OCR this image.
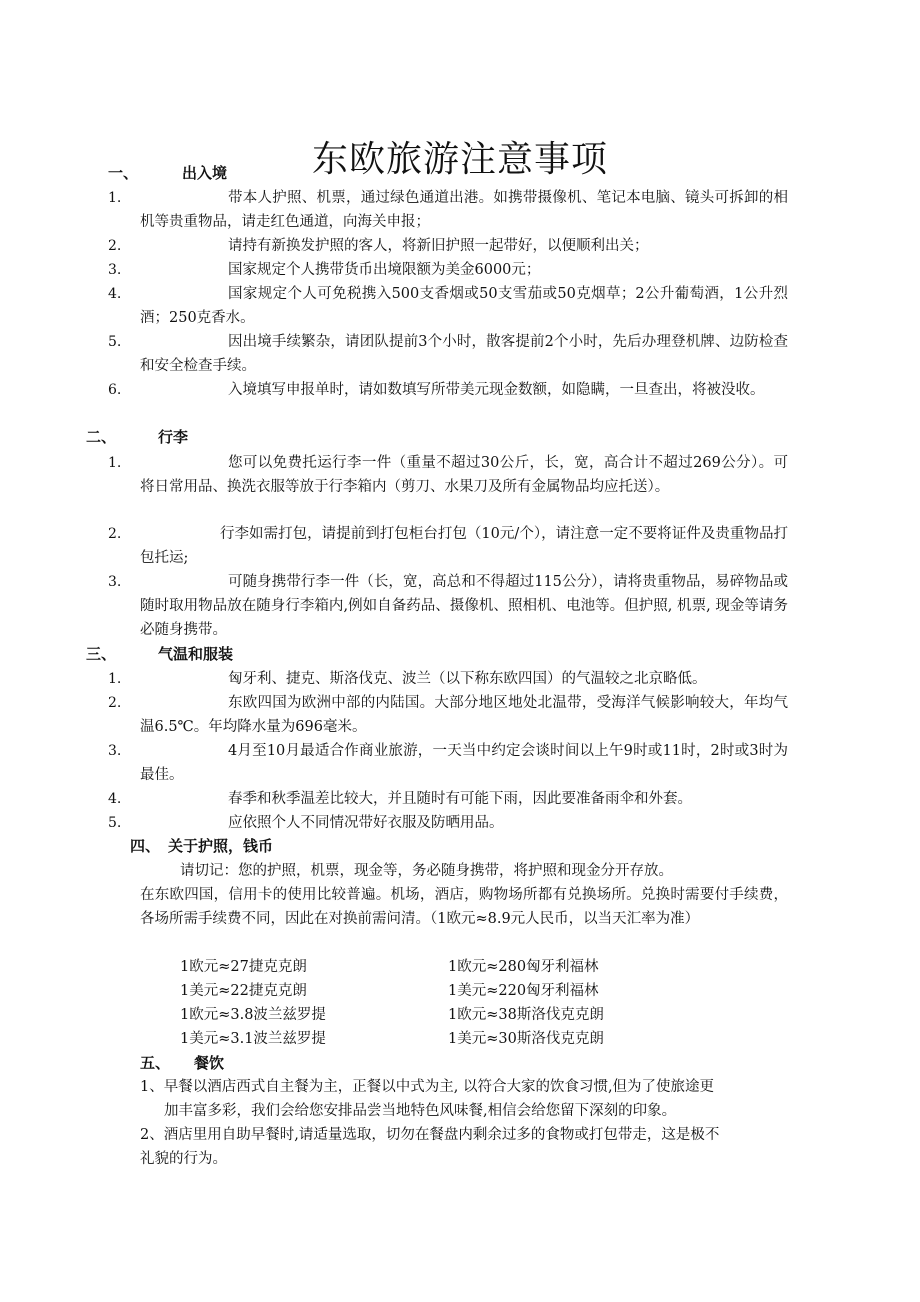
东欧旅游注意事项
一、	出入境
1.	带本人护照、机票，通过绿色通道出港。如携带摄像机、笔记本电脑、镜头可拆卸的相机等贵重物品，请走红色通道，向海关申报；
2.	请持有新换发护照的客人，将新旧护照一起带好，以便顺利出关；
3.	国家规定个人携带货币出境限额为美金6000元；
4.	国家规定个人可免税携入500支香烟或50支雪茄或50克烟草；2公升葡萄酒，1公升烈酒；250克香水。
5.	因出境手续繁杂，请团队提前3个小时，散客提前2个小时，先后办理登机牌、边防检查和安全检查手续。
6.	入境填写申报单时，请如数填写所带美元现金数额，如隐瞒，一旦查出，将被没收。
二、	行李
1.	您可以免费托运行李一件（重量不超过30公斤，长，宽，高合计不超过269公分）。可将日常用品、换洗衣服等放于行李箱内（剪刀、水果刀及所有金属物品均应托送）。
2.	行李如需打包，请提前到打包柜台打包（10元/个），请注意一定不要将证件及贵重物品打包托运;
3.	可随身携带行李一件（长，宽，高总和不得超过115公分），请将贵重物品，易碎物品或随时取用物品放在随身行李箱内,例如自备药品、摄像机、照相机、电池等。但护照, 机票, 现金等请务必随身携带。
三、	气温和服装
1.	匈牙利、捷克、斯洛伐克、波兰（以下称东欧四国）的气温较之北京略低。
2.	东欧四国为欧洲中部的内陆国。大部分地区地处北温带，受海洋气候影响较大，年均气温6.5℃。年均降水量为696毫米。
3.	4月至10月最适合作商业旅游，一天当中约定会谈时间以上午9时或11时，2时或3时为最佳。
4.	春季和秋季温差比较大，并且随时有可能下雨，因此要准备雨伞和外套。
5.	应依照个人不同情况带好衣服及防晒用品。
四、 关于护照，钱币
请切记：您的护照，机票，现金等，务必随身携带，将护照和现金分开存放。
在东欧四国，信用卡的使用比较普遍。机场，酒店，购物场所都有兑换场所。兑换时需要付手续费，各场所需手续费不同，因此在对换前需问清。（1欧元≈8.9元人民币，以当天汇率为准）
1欧元≈27捷克克朗	1欧元≈280匈牙利福林
1美元≈22捷克克朗	1美元≈220匈牙利福林
1欧元≈3.8波兰兹罗提	1欧元≈38斯洛伐克克朗
1美元≈3.1波兰兹罗提	1美元≈30斯洛伐克克朗
五、 餐饮
1、早餐以酒店西式自主餐为主，正餐以中式为主, 以符合大家的饮食习惯,但为了使旅途更
加丰富多彩，我们会给您安排品尝当地特色风味餐,相信会给您留下深刻的印象。
2、酒店里用自助早餐时,请适量选取，切勿在餐盘内剩余过多的食物或打包带走，这是极不
礼貌的行为。
